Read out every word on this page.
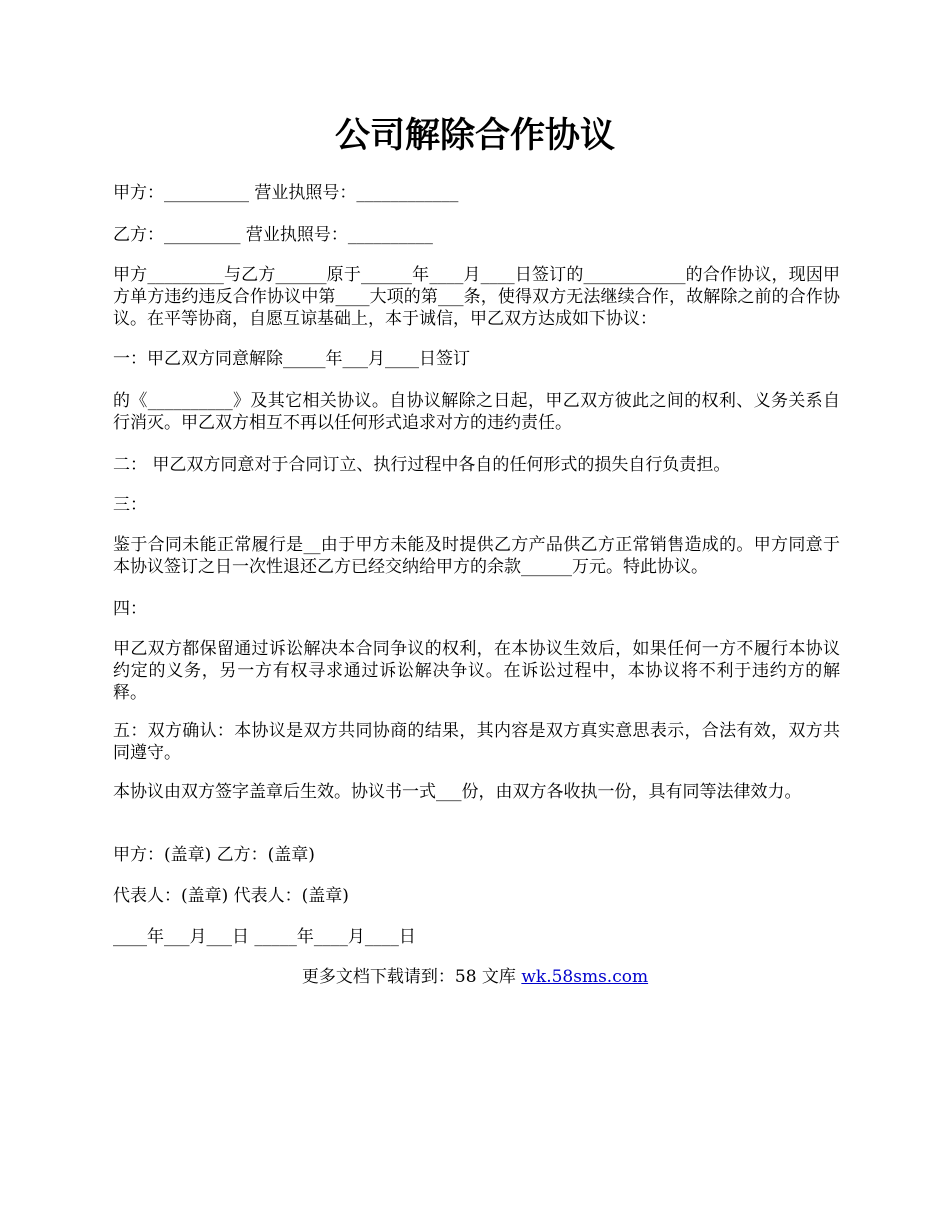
公司解除合作协议

甲方：__________ 营业执照号：____________

乙方：_________ 营业执照号：__________

甲方_________与乙方______原于______年____月____日签订的____________的合作协议，现因甲方单方违约违反合作协议中第____大项的第___条，使得双方无法继续合作，故解除之前的合作协议。在平等协商，自愿互谅基础上，本于诚信，甲乙双方达成如下协议：

一：甲乙双方同意解除_____年___月____日签订

的《__________》及其它相关协议。自协议解除之日起，甲乙双方彼此之间的权利、义务关系自行消灭。甲乙双方相互不再以任何形式追求对方的违约责任。

二： 甲乙双方同意对于合同订立、执行过程中各自的任何形式的损失自行负责担。

三：

鉴于合同未能正常履行是__由于甲方未能及时提供乙方产品供乙方正常销售造成的。甲方同意于本协议签订之日一次性退还乙方已经交纳给甲方的余款______万元。特此协议。

四：

甲乙双方都保留通过诉讼解决本合同争议的权利，在本协议生效后，如果任何一方不履行本协议约定的义务，另一方有权寻求通过诉讼解决争议。在诉讼过程中，本协议将不利于违约方的解释。

五：双方确认：本协议是双方共同协商的结果，其内容是双方真实意思表示，合法有效，双方共同遵守。

本协议由双方签字盖章后生效。协议书一式___份，由双方各收执一份，具有同等法律效力。

甲方：(盖章) 乙方：(盖章)

代表人：(盖章) 代表人：(盖章)

____年___月___日 _____年____月____日

更多文档下载请到：58 文库 wk.58sms.com
